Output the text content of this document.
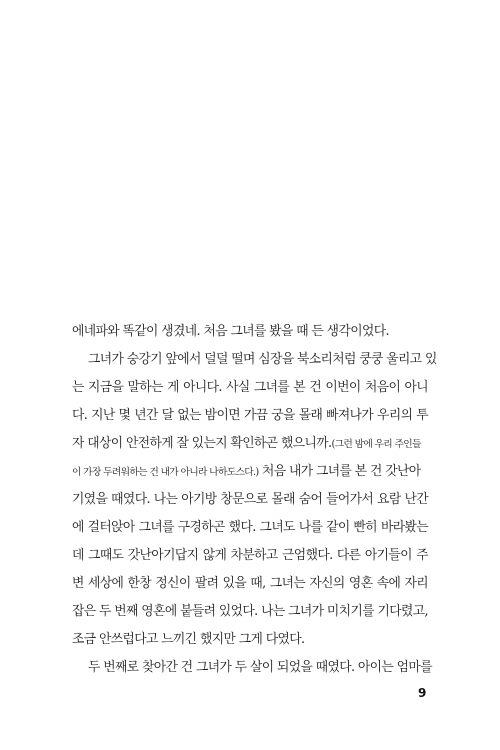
에네파와 똑같이 생겼네. 처음 그녀를 봤을 때 든 생각이었다.
그녀가 숭강기 앞에서 덜덜 떨며 심장을 북소리처럼 쿵쿵 울리고 있
는 지금을 말하는 게 아니다. 사실 그녀를 본 건 이번이 처음이 아니
다. 지난 몇 년간 달 없는 밤이면 가끔 궁을 몰래 빠져나가 우리의 투
자 대상이 안전하게 잘 있는지 확인하곤 했으니까.(그런 밤에 우리 주인들
이 가장 두려워하는 건 내가 아니라 나하도스다.) 처음 내가 그녀를 본 건 갓난아
기였을 때였다. 나는 아기방 창문으로 몰래 숨어 들어가서 요람 난간
에 걸터앉아 그녀를 구경하곤 했다. 그녀도 나를 같이 빤히 바라봤는
데 그때도 갓난아기답지 않게 차분하고 근엄했다. 다른 아기들이 주
변 세상에 한창 정신이 팔려 있을 때, 그녀는 자신의 영혼 속에 자리
잡은 두 번째 영혼에 붙들려 있었다. 나는 그녀가 미치기를 기다렸고,
조금 안쓰럽다고 느끼긴 했지만 그게 다였다.
두 번째로 찾아간 건 그녀가 두 살이 되었을 때였다. 아이는 엄마를
9
